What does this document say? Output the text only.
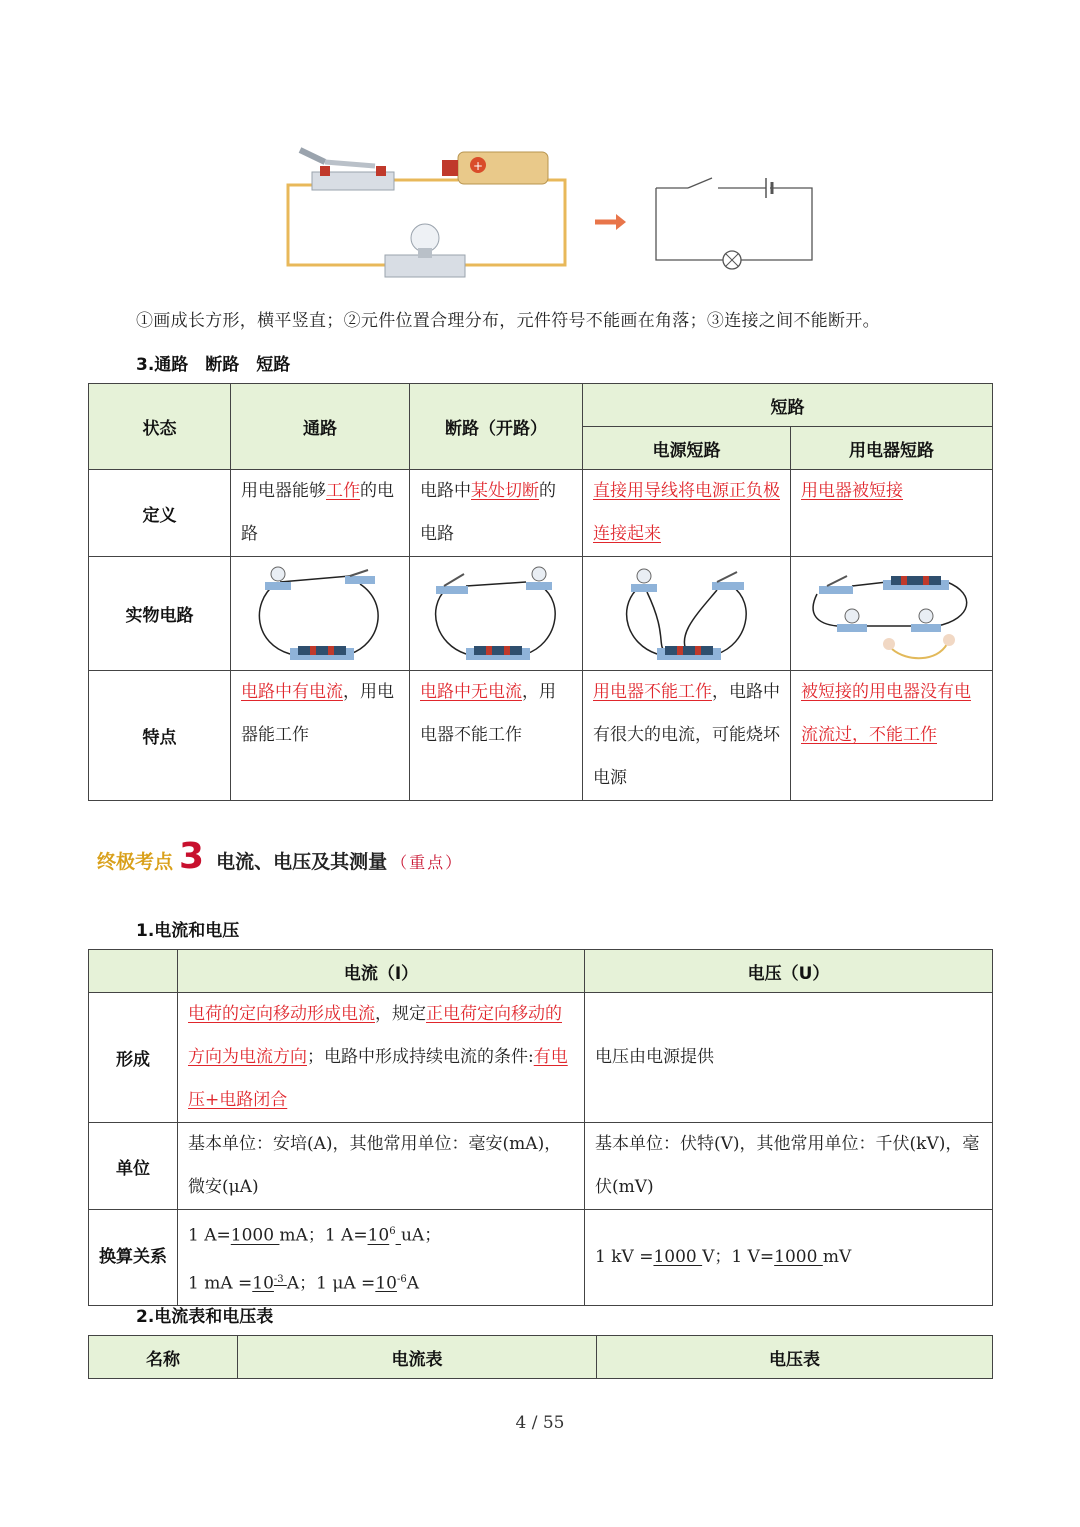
+
①画成长方形，横平竖直；②元件位置合理分布，元件符号不能画在角落；③连接之间不能断开。
3.通路　断路　短路
状态	通路	断路（开路）	短路	
			电源短路	用电器短路
定义	用电器能够工作的电路	电路中某处切断的电路	直接用导线将电源正负极连接起来	用电器被短接
实物电路	

特点	电路中有电流，用电器能工作	电路中无电流，用电器不能工作	用电器不能工作，电路中有很大的电流，可能烧坏电源	被短接的用电器没有电流流过，不能工作
终极考点 3 电流、电压及其测量 （重点）
1.电流和电压
	电流（I）	电压（U）
形成	电荷的定向移动形成电流，规定正电荷定向移动的方向为电流方向；电路中形成持续电流的条件:有电压+电路闭合	电压由电源提供
单位	基本单位：安培(A)，其他常用单位：毫安(mA)，微安(μA)	基本单位：伏特(V)，其他常用单位：千伏(kV)，毫伏(mV)
换算关系	1 A=1000 mA；1 $A=10^6$ uA；
1 mA $=10^{-3}$ A；1 $\mu A =10^{-6}A$	1 kV =1000 V；1 V=1000 mV
2.电流表和电压表
名称	电流表	电压表
4 / 55
